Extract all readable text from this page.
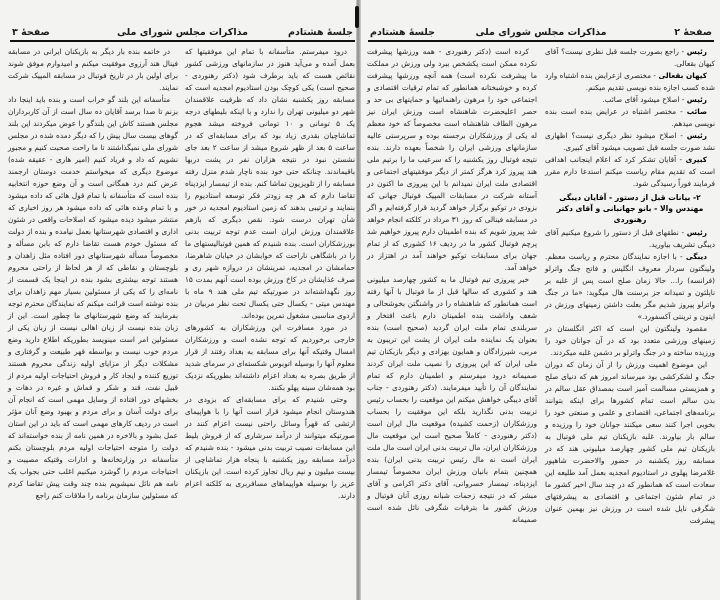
صفحهٔ ۳	مذاکرات مجلس شورای ملی	جلسهٔ هشتادم

درود میفرستم. متأسفانه با تمام این موفقیتها که بعمل آمده و می‌آید هنوز در سازمانهای ورزشی کشور نقائص هست که باید برطرف شود (دکتر رهنوردی - صحیح است) یکی کوچک بودن استادیوم امجدیه است که مسابقه روز یکشنبه نشان داد که ظرفیت علاقمندان شهر دو میلیونی تهران را ندارد و با اینکه بلیطهای درجه یک ۵ تومانی و ۱۰ تومانی فروخته میشد هجوم تماشاچیان بقدری زیاد بود که برای مسابقه‌ای که در ساعت ۵ بعد از ظهر شروع میشد از ساعت ۲ بعد جای نشستن نبود در نتیجه هزاران نفر در پشت دربها باقیماندند. چنانکه حتی خود بنده ناچار شدم منزل رفته مسابقه را از تلویزیون تماشا کنم. بنده از تیمسار ایزدپناه تقاضا دارم که هر چه زودتر فکر توسعه استادیوم را بنمایند و ترتیبی بدهند که زمین استادیوم امجدیه در خور شأن تهران درست شود. نقص دیگری که بازهم علاقمندان ورزش ایران است عدم توجه تربیت بدنی بورزشکاران است. بنده شنیدم که همین فوتبالیستهای ما را در باشگاهی ناراحت که خوابشان در خیابان شاهرضا، حمامشان در امجدیه، تمرینشان در دروازه شهر ری و صرف غذایشان در کاخ ورزش بوده است آنهم بمدت ۱۵ روز نگهداشته‌اند در صورتیکه تیم ملی هند ۹ ماه با مهندس میتی - یکسال حتی یکسال تحت نظر مربیان در اردوی مناسبی مشغول تمرین بوده‌اند.

در مورد مسافرت این ورزشکاران به کشورهای خارجی برخوردیم که توجه نشده است و ورزشکاران امسال وقتیکه آنها برای مسابقه به بغداد رفتند از قرار معلوم آنها را بوسیله اتوبوس شکسته‌ای در سرمای شدید از طریق بصره به بغداد اعزام داشته‌اند بطوریکه نزدیک بود همه‌شان سینه پهلو بکنند.

وحتی شنیدم که برای مسابقه‌ای که بزودی در هندوستان انجام میشود قرار است آنها را با هواپیمای ارتشی که قهراً وسائل راحتی نیست اعزام کنند در صورتیکه میتوانند از درآمد سرشاری که از فروش بلیط این مسابقات نصیب تربیت بدنی میشود - بنده شنیدم که درآمد مسابقه روز یکشنبه با پنجاه هزار تماشاچی از بیست میلیون و نیم ریال تجاوز کرده است. این بازیکنان عزیز را بوسیله هواپیماهای مسافربری به کلکته اعزام دارند.

در خاتمه بنده بار دیگر به بازیکنان ایرانی در مسابقه فینال هند آرزوی موفقیت میکنم و امیدوارم موفق شوند برای اولین بار در تاریخ فوتبال در مسابقه المپیک شرکت نمایند.

متأسفانه این بلند گو خراب است و بنده باید اینجا داد بزنم تا صدا برسد آقایان ده سال است از آن کاربرداران مجلس هستند کاش این بلندگو را عوض میکردند این بلند گوهای بیست سال پیش را که دیگر دمده شده در مجلس شورای ملی نمیگذاشتند تا ما راحت صحبت کنیم و مجبور نشویم که داد و فریاد کنیم (امیر هاری - عقیقه شده) موضوع دیگری که میخواستم خدمت دوستان ارجمند عرض کنم درد همگانی است و آن وضع حوزه انتخابیه بنده است که متأسفانه با تمام قول هائی که داده میشود و با تمام وعده هائی که داده میشود هر روز اخباری که منتشر میشود دیده میشود که اصلاحات واقعی در شئون اداری و اقتصادی شهرستانها بعمل نیامده و بنده از دولت که مسئول خودم هست تقاضا دارم که بابن مسأله و مخصوصاً مسأله شهرستانهای دور افتاده مثل زاهدان و بلوچستان و نقاطی که از هر لحاظ از راحتی محروم هستند توجه بیشتری بشود بنده در اینجا یک قسمت از نامه‌ای را که یکی از مسئولین بسیار مهم زاهدان برای بنده نوشته است قرائت میکنم که نمایندگان محترم توجه بفرمایند که وضع شهرستانهای ما چطور است. این از زبان بنده نیست از زبان اهالی نیست از زبان یکی از مسئولین امر است مینویسد بطوریکه اطلاع دارید وضع مردم خوب نیست و بواسطه قهر طبیعت و گرفتاری و مشکلات دیگر از مزایای اولیه زندگی محروم هستند توزیع کننده و ایجاد کار و فروش احتیاجات اولیه مردم از قبیل نفت، قند و شکر و قماش و غیره در دهات و بخشهای دور افتاده از وسایل مهمی است که انجام آن برای دولت آسان و برای مردم و بهبود وضع آنان مؤثر است در ردیف کارهای مهمی است که باید در این استان عمل بشود و بالاخره در همین نامه از بنده خواسته‌اند که دولت را متوجه احتیاجات اولیه مردم بلوچستان بکنم متأسفانه در وزارتخانه‌ها و ادارات وقتیکه مصیبت و احتیاجات مردم را گوشزد میکنیم اغلب حتی بجواب یک نامه هم نائل نمیشویم بنده چند وقت پیش تقاضا کردم که مسئولین سازمان برنامه را ملاقات کنم راجع

جلسهٔ هشتادم	مذاکرات مجلس شورای ملی	صفحهٔ ۲

رئیس - راجع بصورت جلسه قبل نظری نیست؟ آقای کیهان بقعالی.

کیهان بقعالی - مختصری ازعرایض بنده اشتباه وارد شده کسب اجازه بنده نویسی تقدیم میکنم.

رئیس - اصلاح میشود آقای صائب.

صائب - مختصر اشتباه در عرایض بنده است بنده نویسی میدهم.

رئیس - اصلاح میشود نظر دیگری نیست؟ اظهاری نشد صورت جلسه قبل تصویب میشود آقای کبیری.

کبیری - آقایان تشکر کرد که اعلام اینجانب اهدافی است که تقدیم مقام ریاست میکنم استدعا دارم مقرر فرمایند فوراً رسیدگی شود.

۲- بیانات قبل از دستور - آقایان دیبگی مهندس والا - بانو جهانبانی و آقای دکتر رهنوردی

رئیس - نطقهای قبل از دستور را شروع میکنیم آقای دیبگی تشریف بیاورید.

دیبگی - با اجازه نمایندگان محترم و ریاست معظم. ولینگتون سردار معروف انگلیس و فاتح جنگ واترلو (فرانسه) را... حالا زمان صلح است پس از غلبه بر ناپلئون و تمیدانه جز برسنت هال میگوید: «ما در جنگ واترلو پیروز شدیم مگر بعلت داشتن زمینهای ورزش در ایتون و ترینتی آکسفورد.»

مقصود ولینگتون این است که اکثر انگلستان در زمینهای ورزشی متعدد بود که در آن جوانان خود را ورزیده ساخته و در جنگ واترلو بر دشمن غلبه میکردند.

این موضوع اهمیت ورزش را از آن زمان که دوران جنگ و لشکرکشی بود میرساند امروز هم که دنیای صلح و همزیستی مسالمت آمیز است بمصداق عقل سالم در بدن سالم است تمام کشورها برای اینکه بتوانند برنامه‌های اجتماعی، اقتصادی و علمی و صنعتی خود را بخوبی اجرا کنند سعی میکنند جوانان خود را ورزیده و سالم بار بیاورند. غلبه بازیکنان تیم ملی فوتبال به بازیکنان تیم ملی کشور چهارصد میلیونی هند که در مسابقه روز یکشنبه در حضور والاحضرت شاهپور غلامرضا پهلوی در استادیوم امجدیه بعمل آمد طلیعه این سعادت است که همانطور که در چند سال اخیر کشور ما در تمام شئون اجتماعی و اقتصادی به پیشرفتهای شگرفی نایل شده است در ورزش نیز بهمین عنوان پیشرفت

کرده است (دکتر رهنوردی - همه ورزشها پیشرفت نکرده ممکن است یکشخص ببرد ولی ورزش در مملکت ما پیشرفت نکرده است) همه آنچه ورزشها پیشرفت کرده و خوشبختانه همانطور که تمام ترقیات اقتصادی و اجتماعی خود را مرهون راهنمائیها و حمایتهای بی حد و حصر اعلیحضرت شاهنشاه است ورزش ایران نیز مرهون الطاف شاهنشاه است مخصوصاً که خود معظم له یکی از ورزشکاران برجسته بوده و سرپرستی عالیه سازمانهای ورزشی ایران را شخصاً بعهده دارند. بنده نتیجه فوتبال روز یکشنبه را که سرعیب ما را برتیم ملی هند پیروز کرد هرگز کمتر از دیگر موفقیتهای اجتماعی و اقتصادی ملت ایران نمیدانم با این پیروزی ما اکنون در آستانه شرکت در مسابقات المپیک فوتبال جهانی که بزودی در توکیو برگزار خواهد گردید قرار گرفته‌ایم و اگر در مسابقه فینالی که روز ۳۱ مرداد در کلکته انجام خواهد شد پیروز شویم که بنده اطمینان دارم پیروز خواهیم شد پرچم فوتبال کشور ما در ردیف ۱۶ کشوری که از تمام جهان برای مسابقات توکیو خواهند آمد در اهتزاز در خواهد آمد.

خبر پیروزی تیم فوتبال ما به کشور چهارصد میلیونی هند و کشوری که سالها قبل از ما فوتبال با آنها رفته است همانطور که شاهنشاه را در واشنگتن بخوشحالی و شعف واداشت بنده اطمینان دارم باعث افتخار و سربلندی تمام ملت ایران گردید (صحیح است) بنده بعنوان یک نماینده ملت ایران از پشت این تریبون به مربی، شیرزادگان و همایون بهزادی و دیگر بازیکنان تیم ملی ایران که این پیروزی را نصیب ملت ایران کردند صمیمانه درود میفرستم و اطمینان دارم که تمام نمایندگان آن را تأیید میفرمایند. (دکتر رهنوردی - جناب آقای دیبگی خواهش میکنم این موقعیت را بحساب رئیس تربیت بدنی نگذارید بلکه این موفقیت را بحساب ورزشکاران (زحمت کشیده) موقعیت مال ایران است (دکتر رهنوردی - کاملاً صحیح است این موقعیت مال ورزشکاران ایران، مال تربیت بدنی ایران است مال ملت ایران است نه مال رئیس تربیت بدنی ایران) بنده همچنین بتمام بانیان ورزش ایران مخصوصاً تیمسار ایزدپناه، تیمسار خسروانی، آقای دکتر اکرامی و آقای مبشر که در نتیجه زحمات شبانه روزی آنان فوتبال و ورزش کشور ما بترقیات شگرفی نائل شده است صمیمانه
